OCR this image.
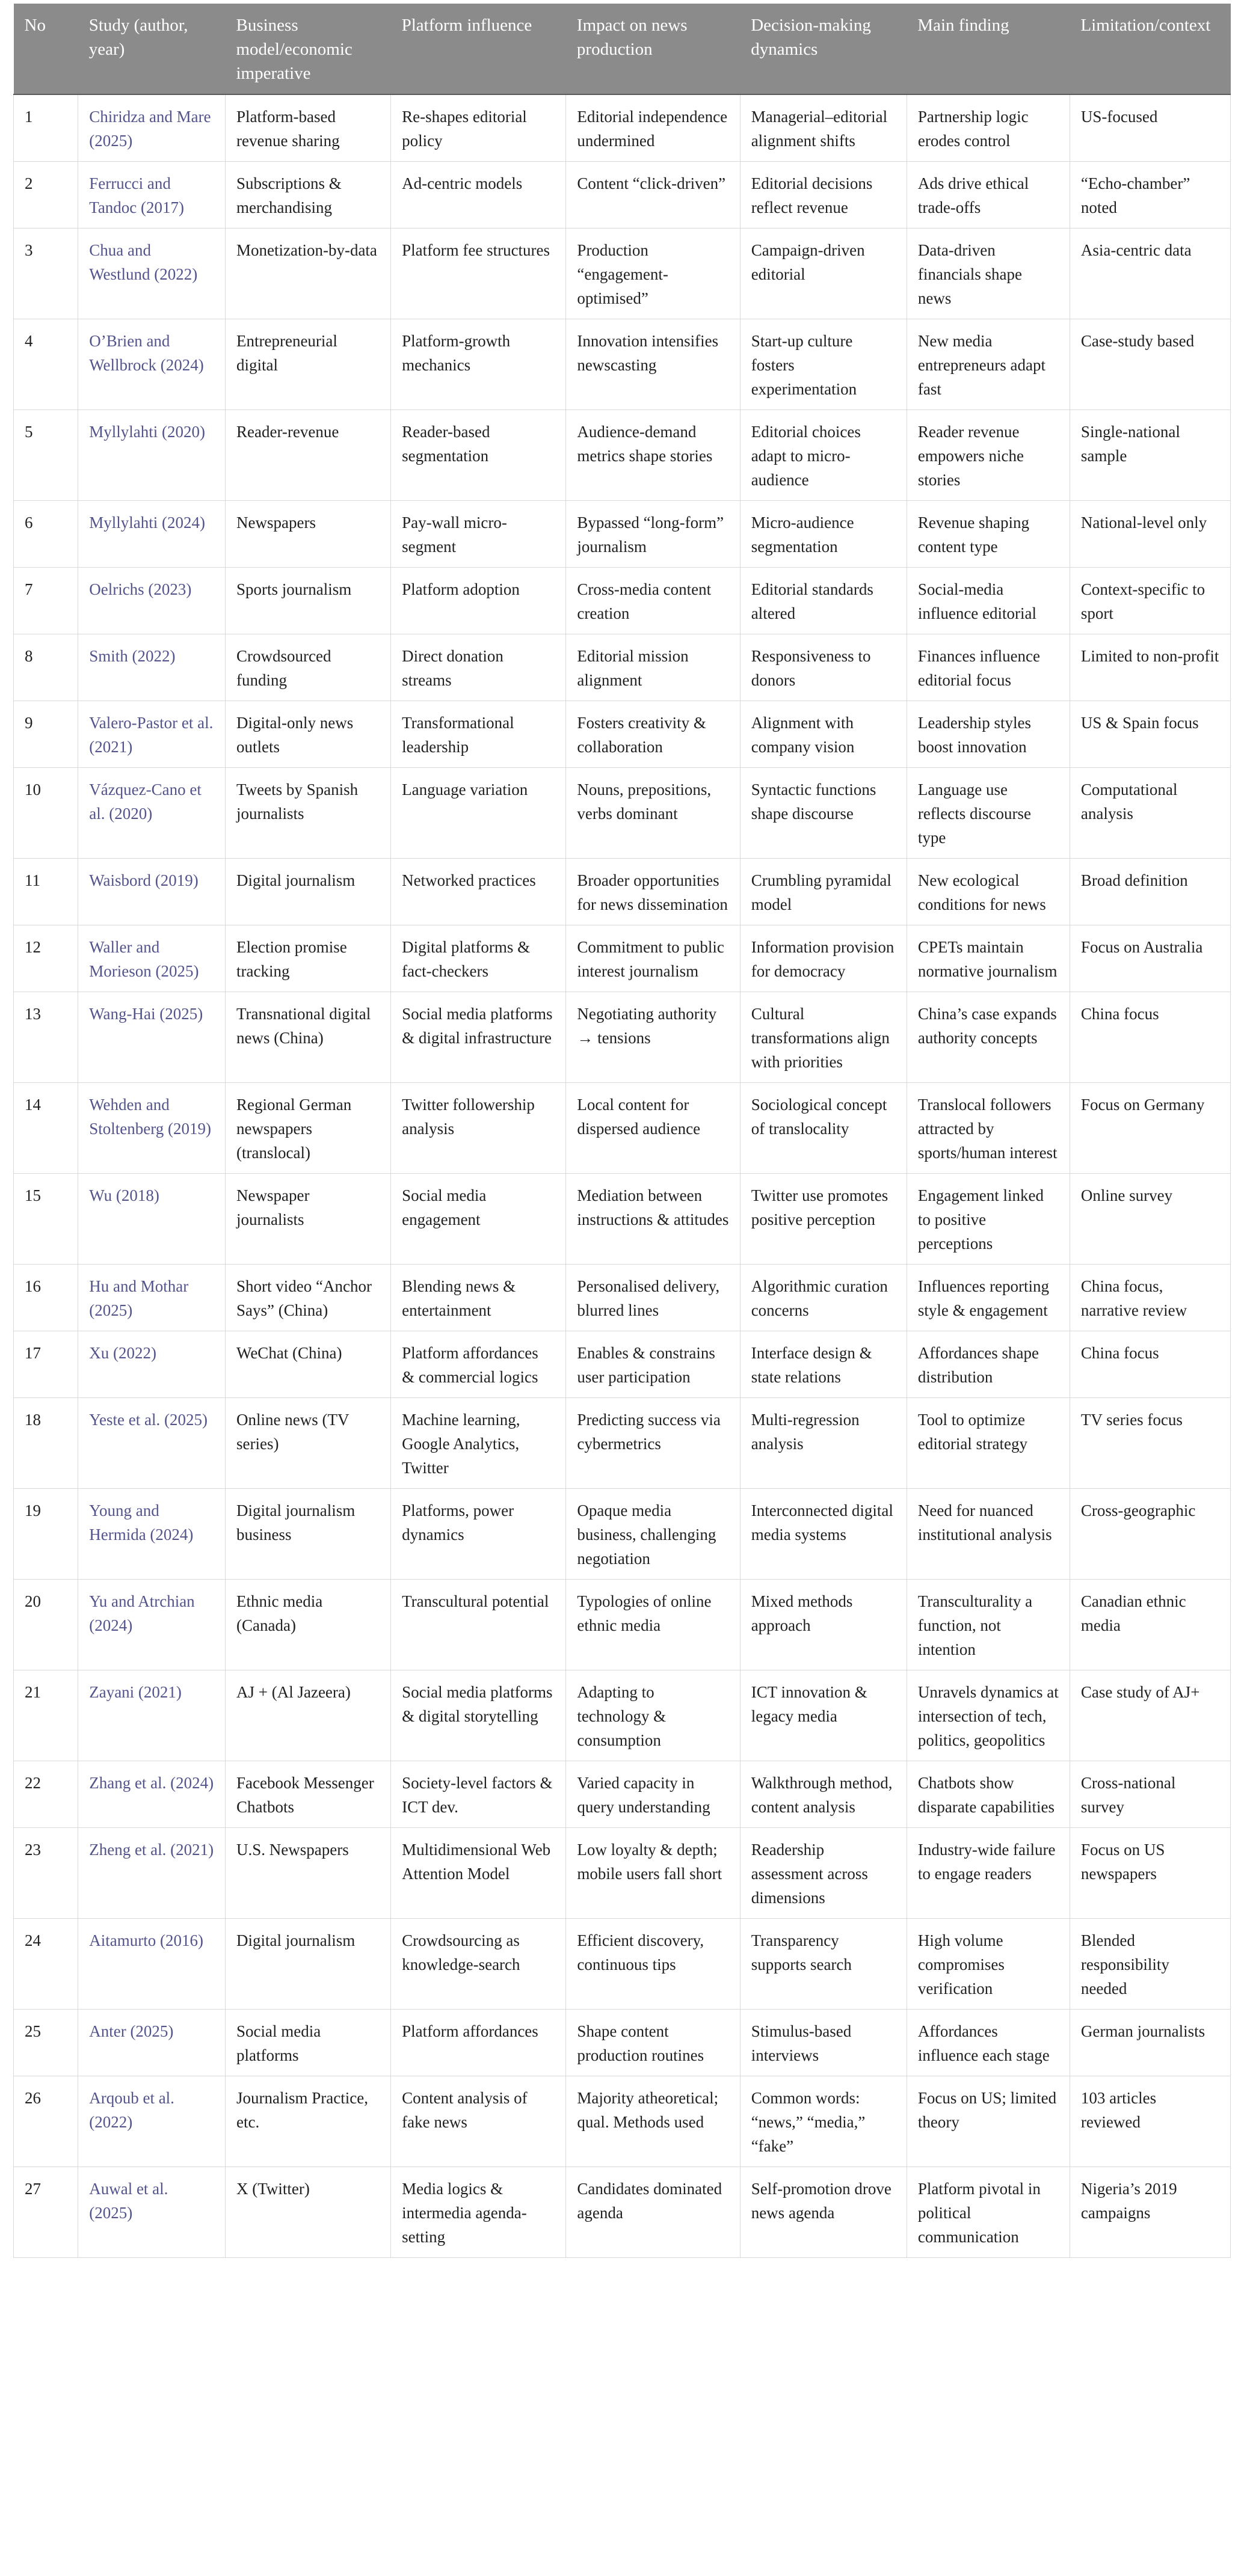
No	Study (author, year)	Business model/economic imperative	Platform influence	Impact on news production	Decision-making dynamics	Main finding	Limitation/context
1	Chiridza and Mare (2025)	Platform-based revenue sharing	Re-shapes editorial policy	Editorial independence undermined	Managerial–editorial alignment shifts	Partnership logic erodes control	US-focused
2	Ferrucci and Tandoc (2017)	Subscriptions & merchandising	Ad-centric models	Content “click-driven”	Editorial decisions reflect revenue	Ads drive ethical trade-offs	“Echo-chamber” noted
3	Chua and Westlund (2022)	Monetization-by-data	Platform fee structures	Production “engagement-optimised”	Campaign-driven editorial	Data-driven financials shape news	Asia-centric data
4	O’Brien and Wellbrock (2024)	Entrepreneurial digital	Platform-growth mechanics	Innovation intensifies newscasting	Start-up culture fosters experimentation	New media entrepreneurs adapt fast	Case-study based
5	Myllylahti (2020)	Reader-revenue	Reader-based segmentation	Audience-demand metrics shape stories	Editorial choices adapt to micro-audience	Reader revenue empowers niche stories	Single-national sample
6	Myllylahti (2024)	Newspapers	Pay-wall micro-segment	Bypassed “long-form” journalism	Micro-audience segmentation	Revenue shaping content type	National-level only
7	Oelrichs (2023)	Sports journalism	Platform adoption	Cross-media content creation	Editorial standards altered	Social-media influence editorial	Context-specific to sport
8	Smith (2022)	Crowdsourced funding	Direct donation streams	Editorial mission alignment	Responsiveness to donors	Finances influence editorial focus	Limited to non-profit
9	Valero-Pastor et al. (2021)	Digital-only news outlets	Transformational leadership	Fosters creativity & collaboration	Alignment with company vision	Leadership styles boost innovation	US & Spain focus
10	Vázquez-Cano et al. (2020)	Tweets by Spanish journalists	Language variation	Nouns, prepositions, verbs dominant	Syntactic functions shape discourse	Language use reflects discourse type	Computational analysis
11	Waisbord (2019)	Digital journalism	Networked practices	Broader opportunities for news dissemination	Crumbling pyramidal model	New ecological conditions for news	Broad definition
12	Waller and Morieson (2025)	Election promise tracking	Digital platforms & fact-checkers	Commitment to public interest journalism	Information provision for democracy	CPETs maintain normative journalism	Focus on Australia
13	Wang-Hai (2025)	Transnational digital news (China)	Social media platforms & digital infrastructure	Negotiating authority → tensions	Cultural transformations align with priorities	China’s case expands authority concepts	China focus
14	Wehden and Stoltenberg (2019)	Regional German newspapers (translocal)	Twitter followership analysis	Local content for dispersed audience	Sociological concept of translocality	Translocal followers attracted by sports/human interest	Focus on Germany
15	Wu (2018)	Newspaper journalists	Social media engagement	Mediation between instructions & attitudes	Twitter use promotes positive perception	Engagement linked to positive perceptions	Online survey
16	Hu and Mothar (2025)	Short video “Anchor Says” (China)	Blending news & entertainment	Personalised delivery, blurred lines	Algorithmic curation concerns	Influences reporting style & engagement	China focus, narrative review
17	Xu (2022)	WeChat (China)	Platform affordances & commercial logics	Enables & constrains user participation	Interface design & state relations	Affordances shape distribution	China focus
18	Yeste et al. (2025)	Online news (TV series)	Machine learning, Google Analytics, Twitter	Predicting success via cybermetrics	Multi-regression analysis	Tool to optimize editorial strategy	TV series focus
19	Young and Hermida (2024)	Digital journalism business	Platforms, power dynamics	Opaque media business, challenging negotiation	Interconnected digital media systems	Need for nuanced institutional analysis	Cross-geographic
20	Yu and Atrchian (2024)	Ethnic media (Canada)	Transcultural potential	Typologies of online ethnic media	Mixed methods approach	Transculturality a function, not intention	Canadian ethnic media
21	Zayani (2021)	AJ + (Al Jazeera)	Social media platforms & digital storytelling	Adapting to technology & consumption	ICT innovation & legacy media	Unravels dynamics at intersection of tech, politics, geopolitics	Case study of AJ+
22	Zhang et al. (2024)	Facebook Messenger Chatbots	Society-level factors & ICT dev.	Varied capacity in query understanding	Walkthrough method, content analysis	Chatbots show disparate capabilities	Cross-national survey
23	Zheng et al. (2021)	U.S. Newspapers	Multidimensional Web Attention Model	Low loyalty & depth; mobile users fall short	Readership assessment across dimensions	Industry-wide failure to engage readers	Focus on US newspapers
24	Aitamurto (2016)	Digital journalism	Crowdsourcing as knowledge-search	Efficient discovery, continuous tips	Transparency supports search	High volume compromises verification	Blended responsibility needed
25	Anter (2025)	Social media platforms	Platform affordances	Shape content production routines	Stimulus-based interviews	Affordances influence each stage	German journalists
26	Arqoub et al. (2022)	Journalism Practice, etc.	Content analysis of fake news	Majority atheoretical; qual. Methods used	Common words: “news,” “media,” “fake”	Focus on US; limited theory	103 articles reviewed
27	Auwal et al. (2025)	X (Twitter)	Media logics & intermedia agenda-setting	Candidates dominated agenda	Self-promotion drove news agenda	Platform pivotal in political communication	Nigeria’s 2019 campaigns
